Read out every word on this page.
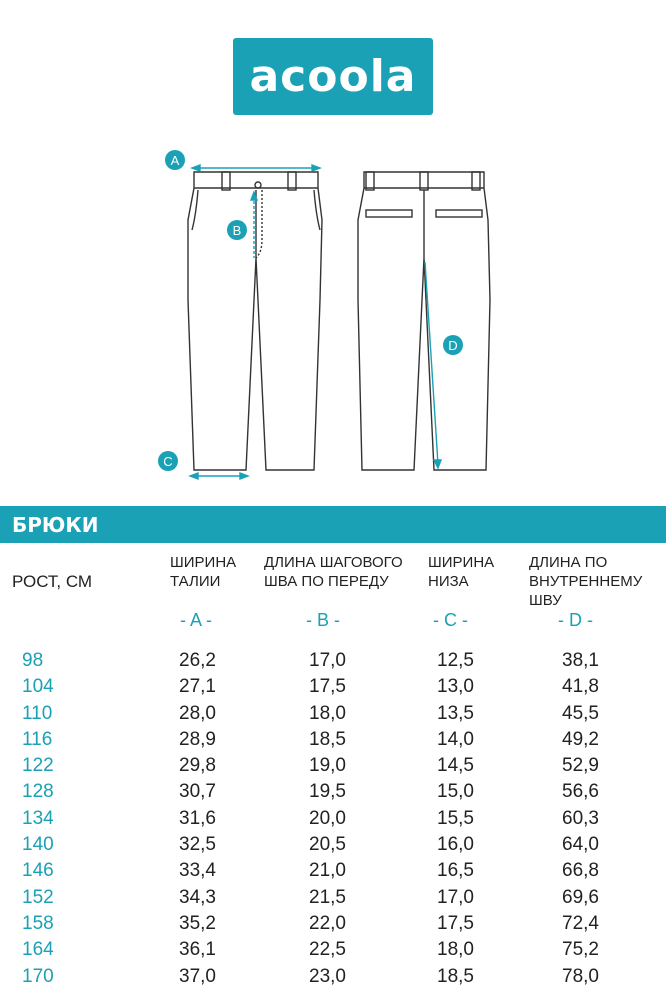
acoola
A
B
C
D
БРЮКИ
РОСТ, СМ
ШИРИНА
ТАЛИИ
ДЛИНА ШАГОВОГО
ШВА ПО ПЕРЕДУ
ШИРИНА
НИЗА
ДЛИНА ПО
ВНУТРЕННЕМУ ШВУ
- A -	- B -	- C -	- D -
98	26,2	17,0	12,5	38,1
104	27,1	17,5	13,0	41,8
110	28,0	18,0	13,5	45,5
116	28,9	18,5	14,0	49,2
122	29,8	19,0	14,5	52,9
128	30,7	19,5	15,0	56,6
134	31,6	20,0	15,5	60,3
140	32,5	20,5	16,0	64,0
146	33,4	21,0	16,5	66,8
152	34,3	21,5	17,0	69,6
158	35,2	22,0	17,5	72,4
164	36,1	22,5	18,0	75,2
170	37,0	23,0	18,5	78,0
